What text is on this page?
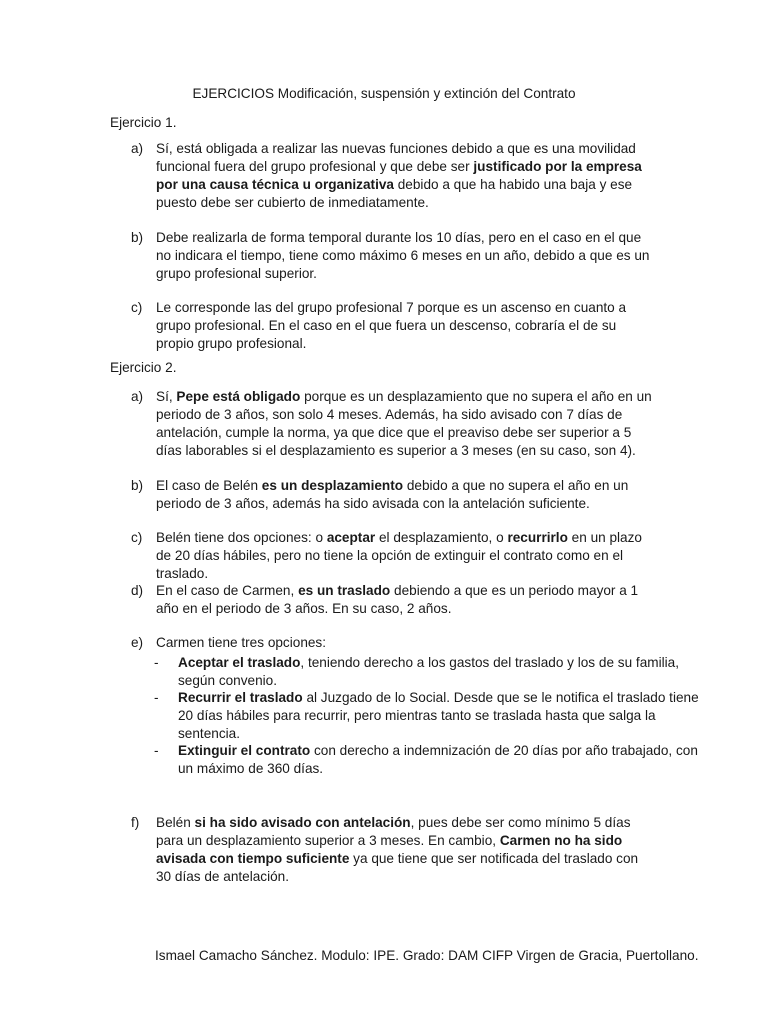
EJERCICIOS Modificación, suspensión y extinción del Contrato
Ejercicio 1.
a) Sí, está obligada a realizar las nuevas funciones debido a que es una movilidad funcional fuera del grupo profesional y que debe ser justificado por la empresa por una causa técnica u organizativa debido a que ha habido una baja y ese puesto debe ser cubierto de inmediatamente.
b) Debe realizarla de forma temporal durante los 10 días, pero en el caso en el que no indicara el tiempo, tiene como máximo 6 meses en un año, debido a que es un grupo profesional superior.
c) Le corresponde las del grupo profesional 7 porque es un ascenso en cuanto a grupo profesional. En el caso en el que fuera un descenso, cobraría el de su propio grupo profesional.
Ejercicio 2.
a) Sí, Pepe está obligado porque es un desplazamiento que no supera el año en un periodo de 3 años, son solo 4 meses. Además, ha sido avisado con 7 días de antelación, cumple la norma, ya que dice que el preaviso debe ser superior a 5 días laborables si el desplazamiento es superior a 3 meses (en su caso, son 4).
b) El caso de Belén es un desplazamiento debido a que no supera el año en un periodo de 3 años, además ha sido avisada con la antelación suficiente.
c) Belén tiene dos opciones: o aceptar el desplazamiento, o recurrirlo en un plazo de 20 días hábiles, pero no tiene la opción de extinguir el contrato como en el traslado.
d) En el caso de Carmen, es un traslado debiendo a que es un periodo mayor a 1 año en el periodo de 3 años. En su caso, 2 años.
e) Carmen tiene tres opciones:
- Aceptar el traslado, teniendo derecho a los gastos del traslado y los de su familia, según convenio.
- Recurrir el traslado al Juzgado de lo Social. Desde que se le notifica el traslado tiene 20 días hábiles para recurrir, pero mientras tanto se traslada hasta que salga la sentencia.
- Extinguir el contrato con derecho a indemnización de 20 días por año trabajado, con un máximo de 360 días.
f) Belén si ha sido avisado con antelación, pues debe ser como mínimo 5 días para un desplazamiento superior a 3 meses. En cambio, Carmen no ha sido avisada con tiempo suficiente ya que tiene que ser notificada del traslado con 30 días de antelación.
Ismael Camacho Sánchez. Modulo: IPE. Grado: DAM CIFP Virgen de Gracia, Puertollano.
